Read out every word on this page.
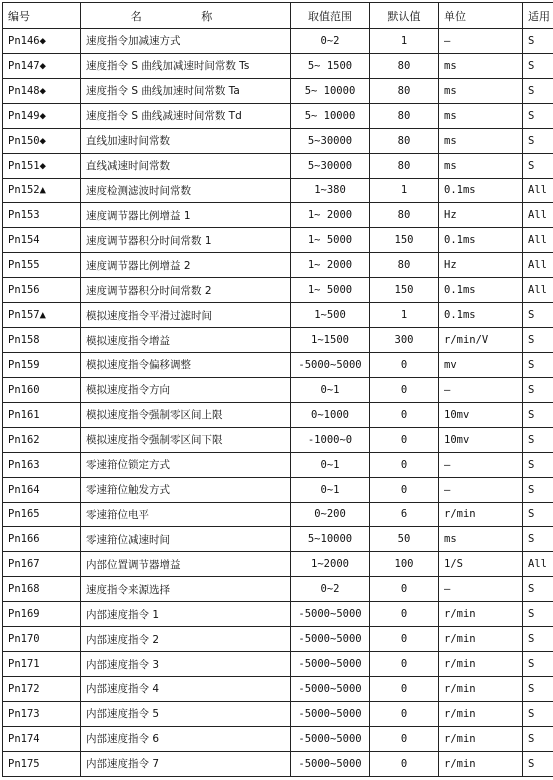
编号	名 称	取值范围	默认值	单位	适用
Pn146◆	速度指令加减速方式	0~2	1	–	S
Pn147◆	速度指令 S 曲线加减速时间常数 Ts	5~ 1500	80	ms	S
Pn148◆	速度指令 S 曲线加速时间常数 Ta	5~ 10000	80	ms	S
Pn149◆	速度指令 S 曲线减速时间常数 Td	5~ 10000	80	ms	S
Pn150◆	直线加速时间常数	5~30000	80	ms	S
Pn151◆	直线减速时间常数	5~30000	80	ms	S
Pn152▲	速度检测滤波时间常数	1~380	1	0.1ms	All
Pn153	速度调节器比例增益 1	1~ 2000	80	Hz	All
Pn154	速度调节器积分时间常数 1	1~ 5000	150	0.1ms	All
Pn155	速度调节器比例增益 2	1~ 2000	80	Hz	All
Pn156	速度调节器积分时间常数 2	1~ 5000	150	0.1ms	All
Pn157▲	模拟速度指令平滑过滤时间	1~500	1	0.1ms	S
Pn158	模拟速度指令增益	1~1500	300	r/min/V	S
Pn159	模拟速度指令偏移调整	-5000~5000	0	mv	S
Pn160	模拟速度指令方向	0~1	0	–	S
Pn161	模拟速度指令强制零区间上限	0~1000	0	10mv	S
Pn162	模拟速度指令强制零区间下限	-1000~0	0	10mv	S
Pn163	零速箝位锁定方式	0~1	0	–	S
Pn164	零速箝位触发方式	0~1	0	–	S
Pn165	零速箝位电平	0~200	6	r/min	S
Pn166	零速箝位减速时间	5~10000	50	ms	S
Pn167	内部位置调节器增益	1~2000	100	1/S	All
Pn168	速度指令来源选择	0~2	0	–	S
Pn169	内部速度指令 1	-5000~5000	0	r/min	S
Pn170	内部速度指令 2	-5000~5000	0	r/min	S
Pn171	内部速度指令 3	-5000~5000	0	r/min	S
Pn172	内部速度指令 4	-5000~5000	0	r/min	S
Pn173	内部速度指令 5	-5000~5000	0	r/min	S
Pn174	内部速度指令 6	-5000~5000	0	r/min	S
Pn175	内部速度指令 7	-5000~5000	0	r/min	S
